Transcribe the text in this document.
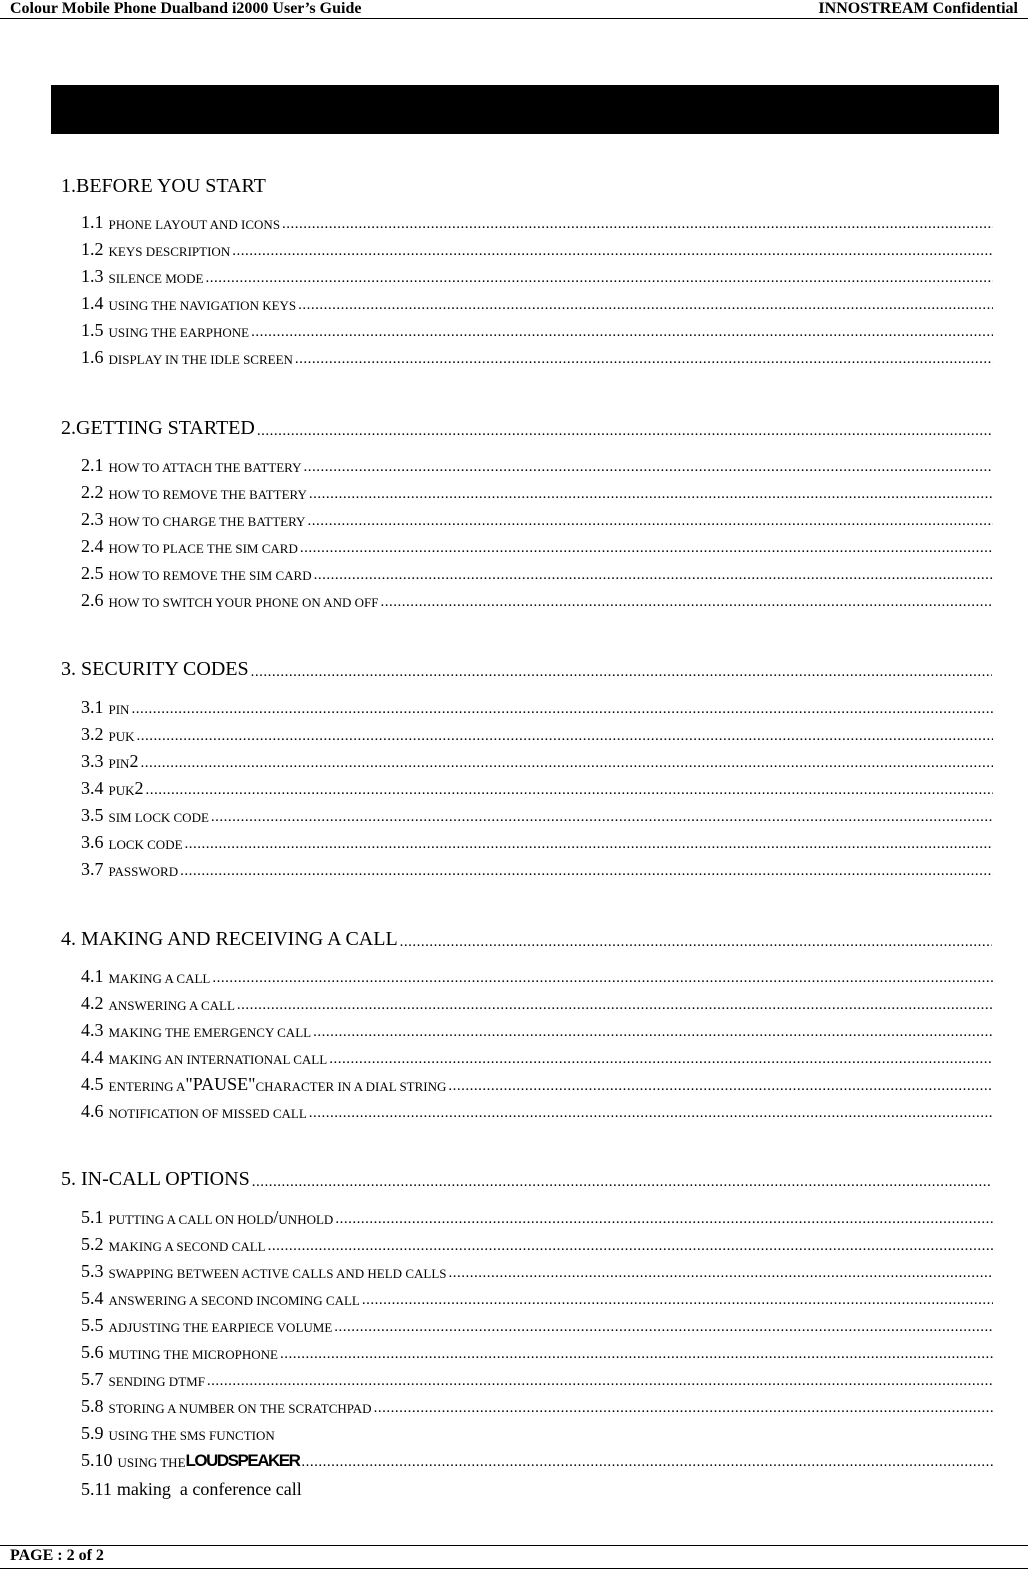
Colour Mobile Phone Dualband i2000 User’s Guide	INNOSTREAM Confidential
1.BEFORE YOU START
1.1 PHONE LAYOUT AND ICONS
.....
1.2 KEYS DESCRIPTION
.....
1.3 SILENCE MODE
.....
1.4 USING THE NAVIGATION KEYS
.....
1.5 USING THE EARPHONE
.....
1.6 DISPLAY IN THE IDLE SCREEN
.....
2.GETTING STARTED
.....
2.1 HOW TO ATTACH THE BATTERY
.....
2.2 HOW TO REMOVE THE BATTERY
.....
2.3 HOW TO CHARGE THE BATTERY
.....
2.4 HOW TO PLACE THE SIM CARD
.....
2.5 HOW TO REMOVE THE SIM CARD
.....
2.6 HOW TO SWITCH YOUR PHONE ON AND OFF
.....
3. SECURITY CODES
.....
3.1 PIN
.....
3.2 PUK
.....
3.3 PIN 2
.....
3.4 PUK 2
.....
3.5 SIM LOCK CODE
.....
3.6 LOCK CODE
.....
3.7 PASSWORD
.....
4. MAKING AND RECEIVING A CALL
.....
4.1 MAKING A CALL
.....
4.2 ANSWERING A CALL
.....
4.3 MAKING THE EMERGENCY CALL
.....
4.4 MAKING AN INTERNATIONAL CALL
.....
4.5 ENTERING A "PAUSE" CHARACTER IN A DIAL STRING
.....
4.6 NOTIFICATION OF MISSED CALL
.....
5. IN-CALL OPTIONS
.....
5.1 PUTTING A CALL ON HOLD / UNHOLD
.....
5.2 MAKING A SECOND CALL
.....
5.3 SWAPPING BETWEEN ACTIVE CALLS AND HELD CALLS
.....
5.4 ANSWERING A SECOND INCOMING CALL
.....
5.5 ADJUSTING THE EARPIECE VOLUME
.....
5.6 MUTING THE MICROPHONE
.....
5.7 SENDING DTMF
.....
5.8 STORING A NUMBER ON THE SCRATCHPAD
.....
5.9 USING THE SMS FUNCTION
5.10 USING THE LOUDSPEAKER
.....
5.11 making  a conference call
PAGE : 2 of 2
